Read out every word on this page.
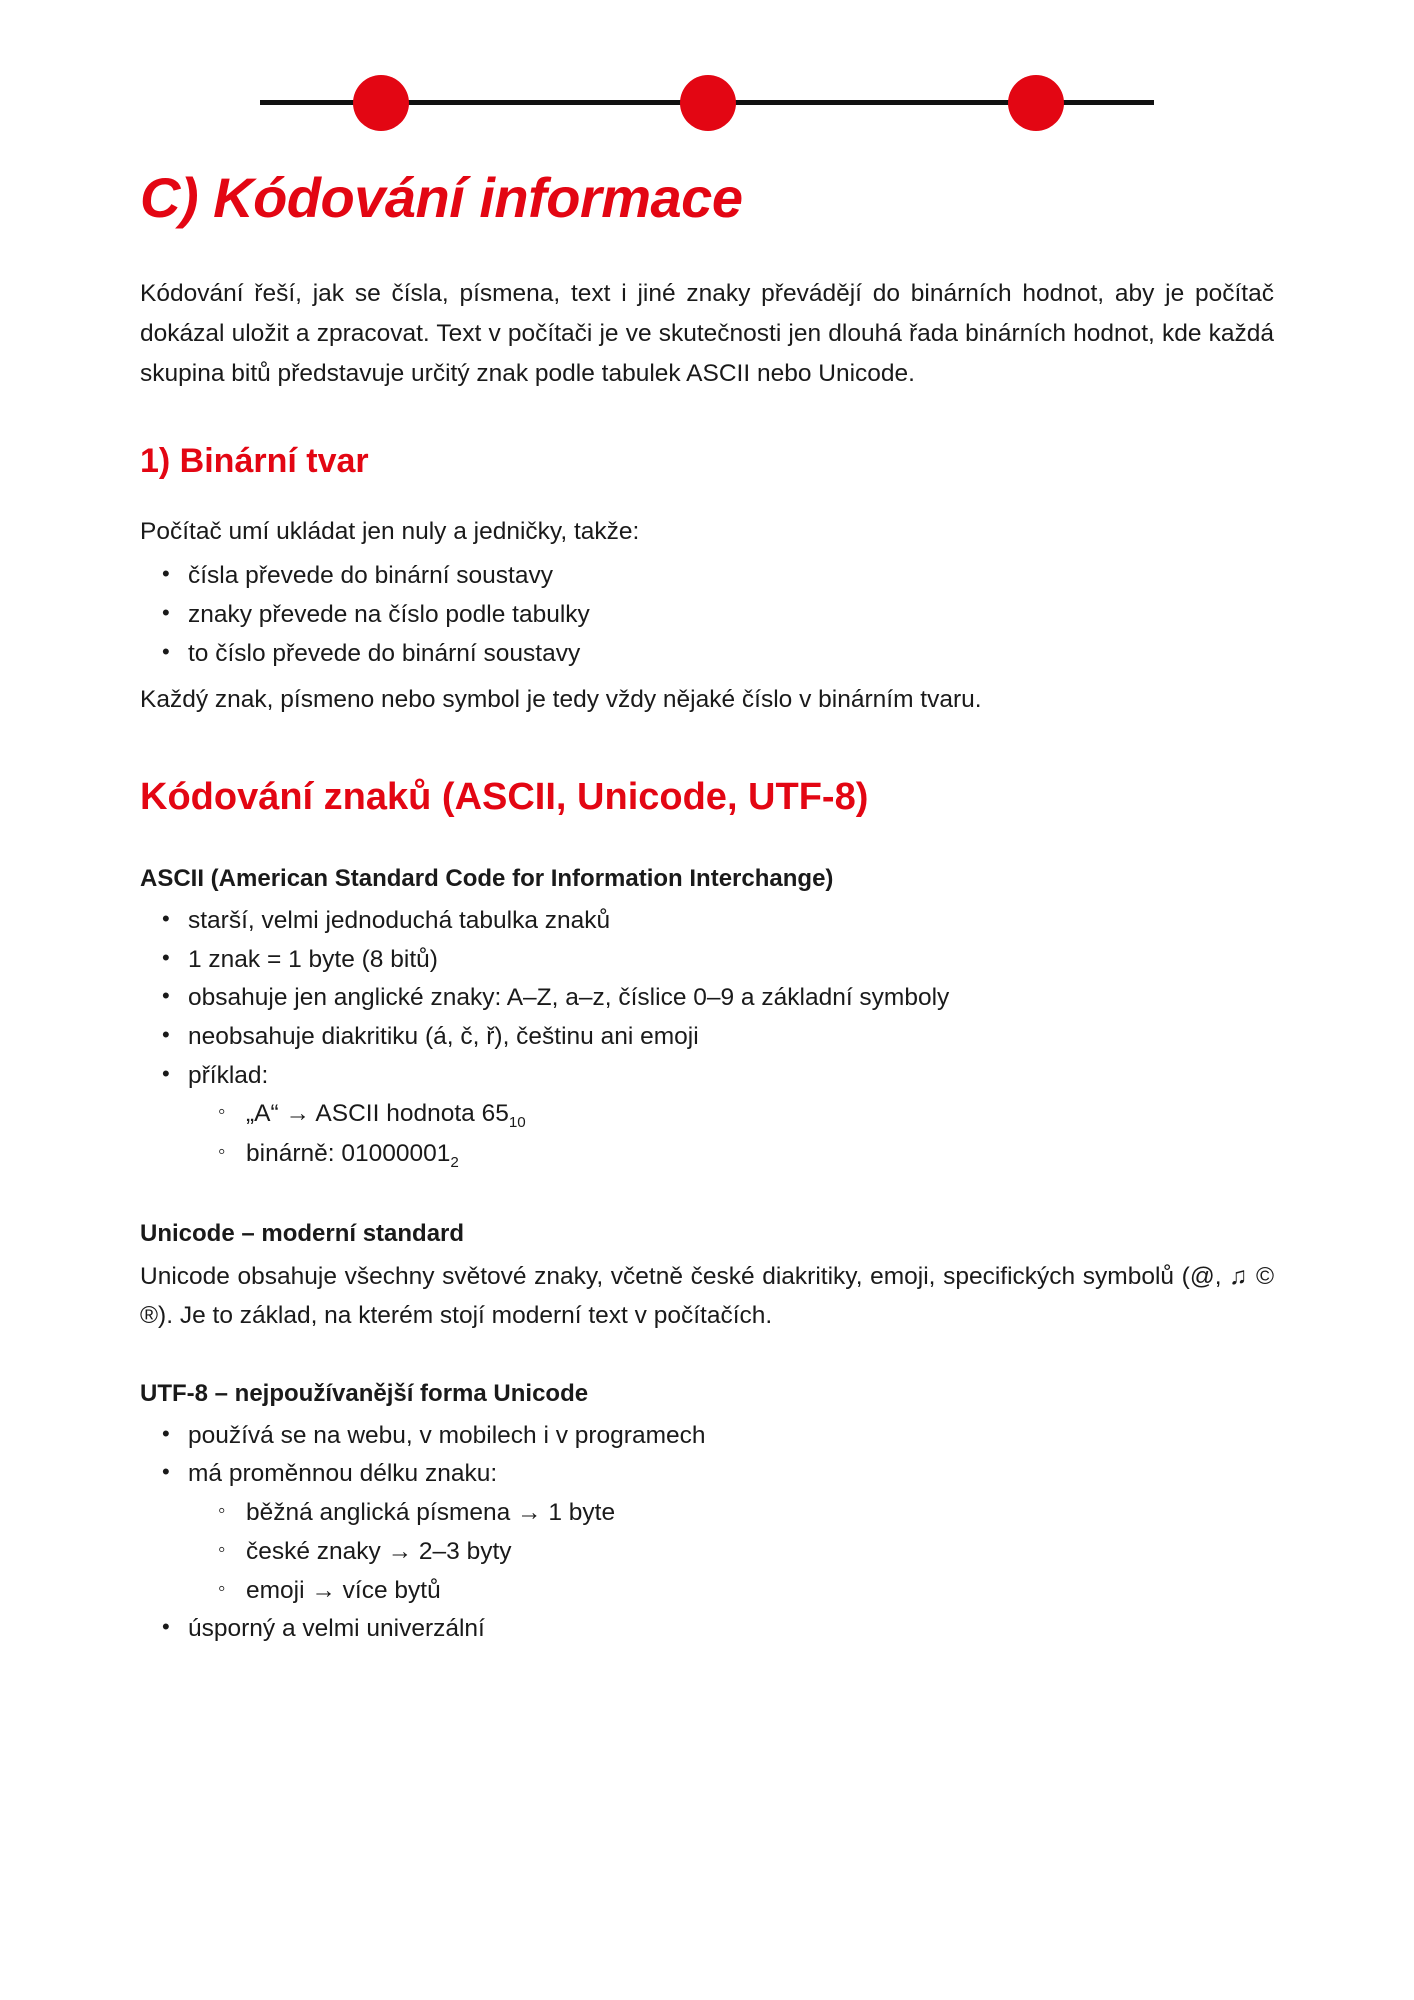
C) Kódování informace

Kódování řeší, jak se čísla, písmena, text i jiné znaky převádějí do binárních hodnot, aby je počítač dokázal uložit a zpracovat. Text v počítači je ve skutečnosti jen dlouhá řada binárních hodnot, kde každá skupina bitů představuje určitý znak podle tabulek ASCII nebo Unicode.

1) Binární tvar

Počítač umí ukládat jen nuly a jedničky, takže:

• čísla převede do binární soustavy
• znaky převede na číslo podle tabulky
• to číslo převede do binární soustavy

Každý znak, písmeno nebo symbol je tedy vždy nějaké číslo v binárním tvaru.

Kódování znaků (ASCII, Unicode, UTF-8)
ASCII (American Standard Code for Information Interchange)
• starší, velmi jednoduchá tabulka znaků
• 1 znak = 1 byte (8 bitů)
• obsahuje jen anglické znaky: A–Z, a–z, číslice 0–9 a základní symboly
• neobsahuje diakritiku (á, č, ř), češtinu ani emoji
• příklad:
◦ „A“ → ASCII hodnota $65_{10}$
◦ binárně: $01000001_2$
Unicode – moderní standard

Unicode obsahuje všechny světové znaky, včetně české diakritiky, emoji, specifických symbolů (@, ♫ © ®). Je to základ, na kterém stojí moderní text v počítačích.

UTF-8 – nejpoužívanější forma Unicode
• používá se na webu, v mobilech i v programech
• má proměnnou délku znaku:
◦ běžná anglická písmena → 1 byte
◦ české znaky → 2–3 byty
◦ emoji → více bytů
• úsporný a velmi univerzální
